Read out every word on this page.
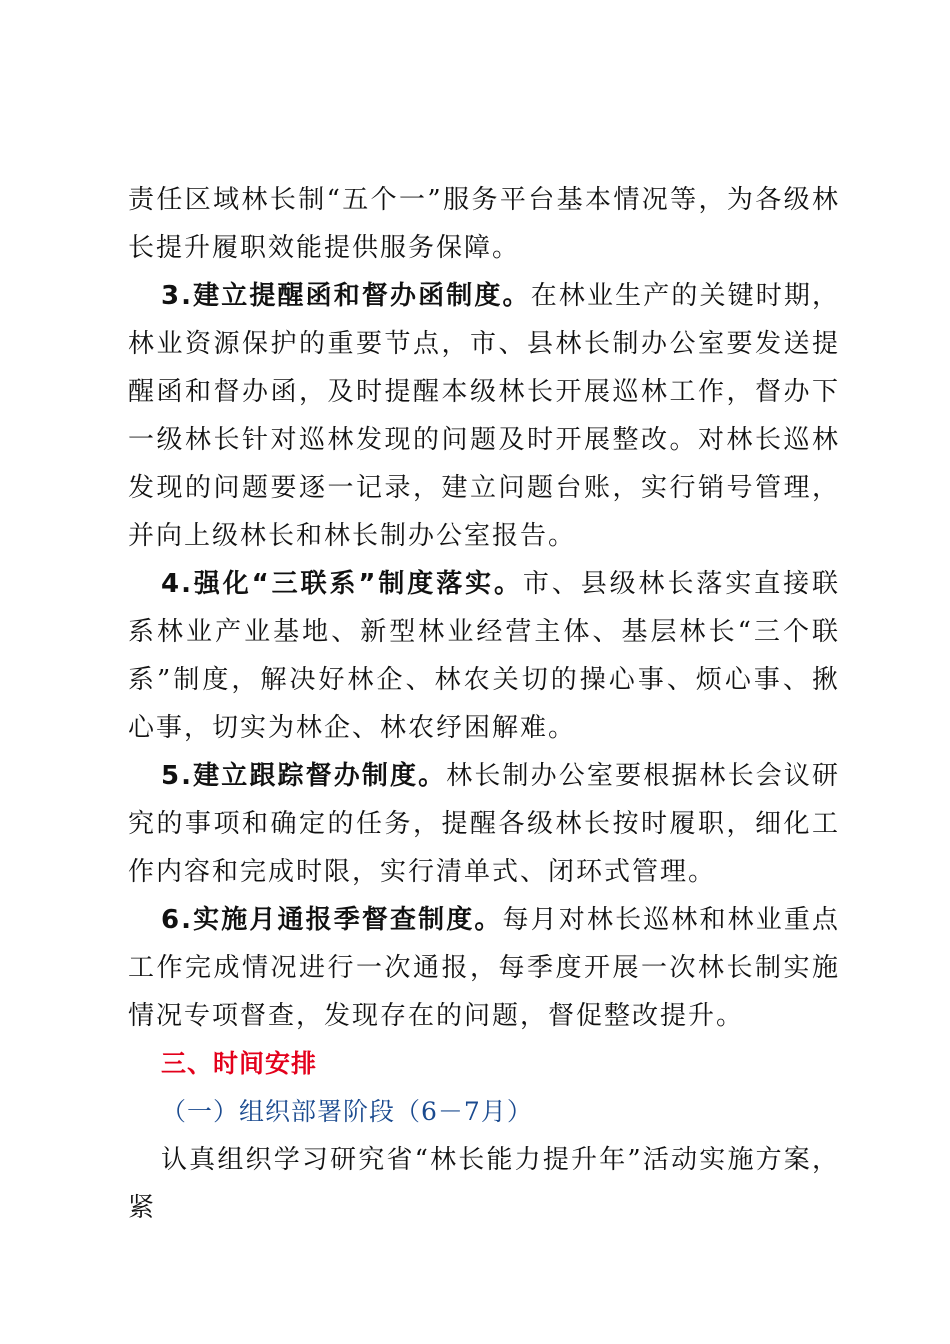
责任区域林长制“五个一”服务平台基本情况等，为各级林长提升履职效能提供服务保障。

3.建立提醒函和督办函制度。在林业生产的关键时期，林业资源保护的重要节点，市、县林长制办公室要发送提醒函和督办函，及时提醒本级林长开展巡林工作，督办下一级林长针对巡林发现的问题及时开展整改。对林长巡林发现的问题要逐一记录，建立问题台账，实行销号管理，并向上级林长和林长制办公室报告。

4.强化“三联系”制度落实。市、县级林长落实直接联系林业产业基地、新型林业经营主体、基层林长“三个联系”制度，解决好林企、林农关切的操心事、烦心事、揪心事，切实为林企、林农纾困解难。

5.建立跟踪督办制度。林长制办公室要根据林长会议研究的事项和确定的任务，提醒各级林长按时履职，细化工作内容和完成时限，实行清单式、闭环式管理。

6.实施月通报季督查制度。每月对林长巡林和林业重点工作完成情况进行一次通报，每季度开展一次林长制实施情况专项督查，发现存在的问题，督促整改提升。

三、时间安排

（一）组织部署阶段（6－7月）

认真组织学习研究省“林长能力提升年”活动实施方案，紧
